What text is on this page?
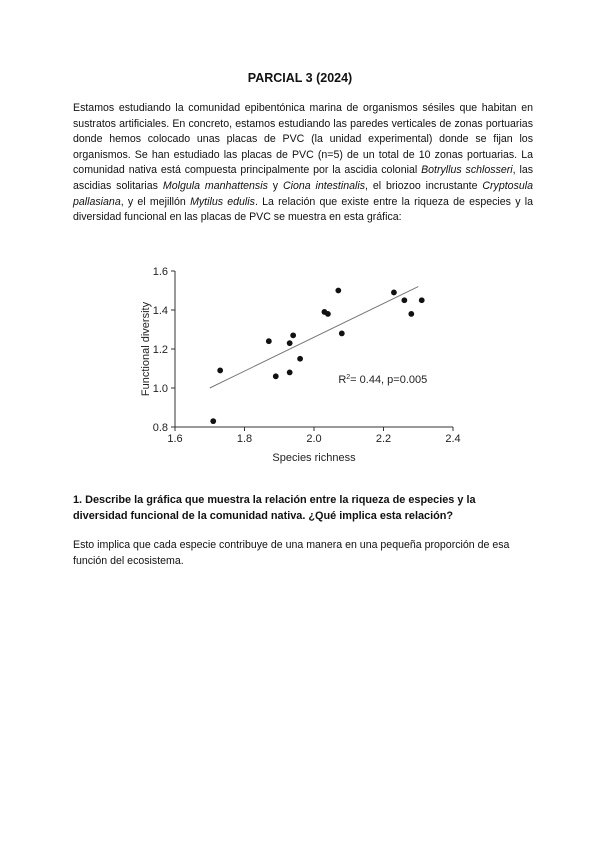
PARCIAL 3 (2024)
Estamos estudiando la comunidad epibentónica marina de organismos sésiles que habitan en sustratos artificiales. En concreto, estamos estudiando las paredes verticales de zonas portuarias donde hemos colocado unas placas de PVC (la unidad experimental) donde se fijan los organismos. Se han estudiado las placas de PVC (n=5) de un total de 10 zonas portuarias. La comunidad nativa está compuesta principalmente por la ascidia colonial Botryllus schlosseri, las ascidias solitarias Molgula manhattensis y Ciona intestinalis, el briozoo incrustante Cryptosula pallasiana, y el mejillón Mytilus edulis. La relación que existe entre la riqueza de especies y la diversidad funcional en las placas de PVC se muestra en esta gráfica:
1.6	1.8	2.0	2.2	2.4
0.8
1.0
1.2
1.4
1.6
Species richness
Functional diversity	$R^2= 0.44$, p=0.005
1. Describe la gráfica que muestra la relación entre la riqueza de especies y la diversidad funcional de la comunidad nativa. ¿Qué implica esta relación?
Esto implica que cada especie contribuye de una manera en una pequeña proporción de esa función del ecosistema.
